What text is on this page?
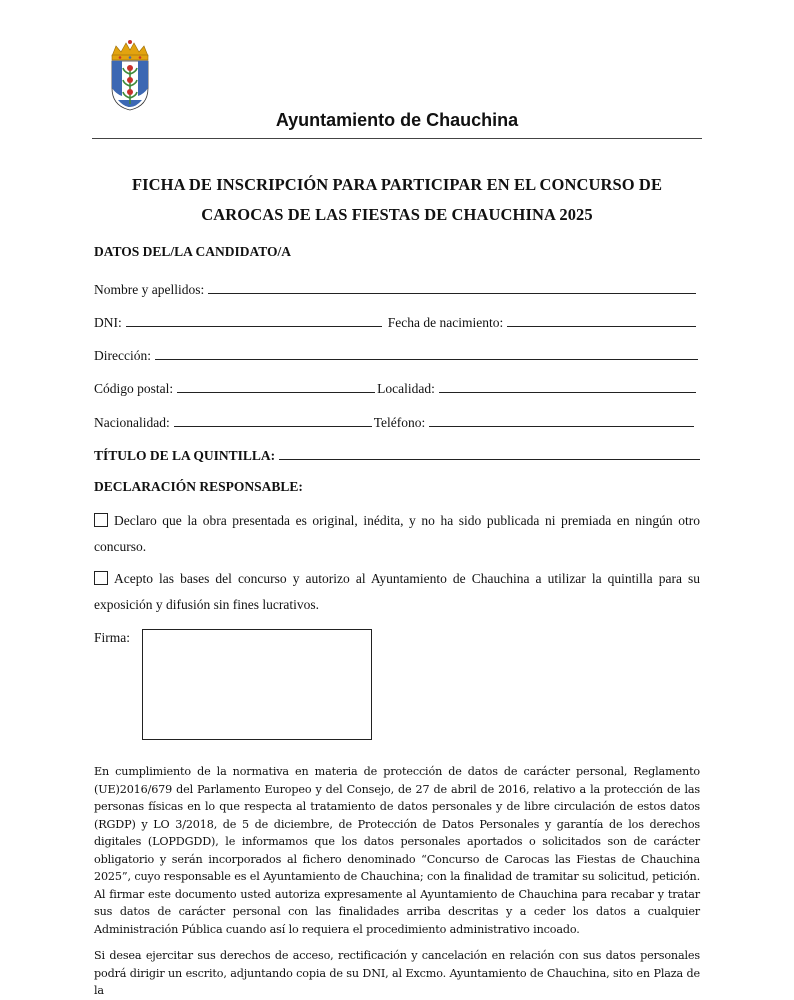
Ayuntamiento de Chauchina
FICHA DE INSCRIPCIÓN PARA PARTICIPAR EN EL CONCURSO DE
CAROCAS DE LAS FIESTAS DE CHAUCHINA 2025
DATOS DEL/LA CANDIDATO/A
Nombre y apellidos:
DNI:	Fecha de nacimiento:
Dirección:
Código postal:	Localidad:
Nacionalidad:	Teléfono:
TÍTULO DE LA QUINTILLA:
DECLARACIÓN RESPONSABLE:
Declaro que la obra presentada es original, inédita, y no ha sido publicada ni premiada en ningún otro concurso.
Acepto las bases del concurso y autorizo al Ayuntamiento de Chauchina a utilizar la quintilla para su exposición y difusión sin fines lucrativos.
Firma:
En cumplimiento de la normativa en materia de protección de datos de carácter personal, Reglamento (UE)2016/679 del Parlamento Europeo y del Consejo, de 27 de abril de 2016, relativo a la protección de las personas físicas en lo que respecta al tratamiento de datos personales y de libre circulación de estos datos (RGDP) y LO 3/2018, de 5 de diciembre, de Protección de Datos Personales y garantía de los derechos digitales (LOPDGDD), le informamos que los datos personales aportados o solicitados son de carácter obligatorio y serán incorporados al fichero denominado “Concurso de Carocas las Fiestas de Chauchina 2025”, cuyo responsable es el Ayuntamiento de Chauchina; con la finalidad de tramitar su solicitud, petición. Al firmar este documento usted autoriza expresamente al Ayuntamiento de Chauchina para recabar y tratar sus datos de carácter personal con las finalidades arriba descritas y a ceder los datos a cualquier Administración Pública cuando así lo requiera el procedimiento administrativo incoado.
Si desea ejercitar sus derechos de acceso, rectificación y cancelación en relación con sus datos personales podrá dirigir un escrito, adjuntando copia de su DNI, al Excmo. Ayuntamiento de Chauchina, sito en Plaza de la
